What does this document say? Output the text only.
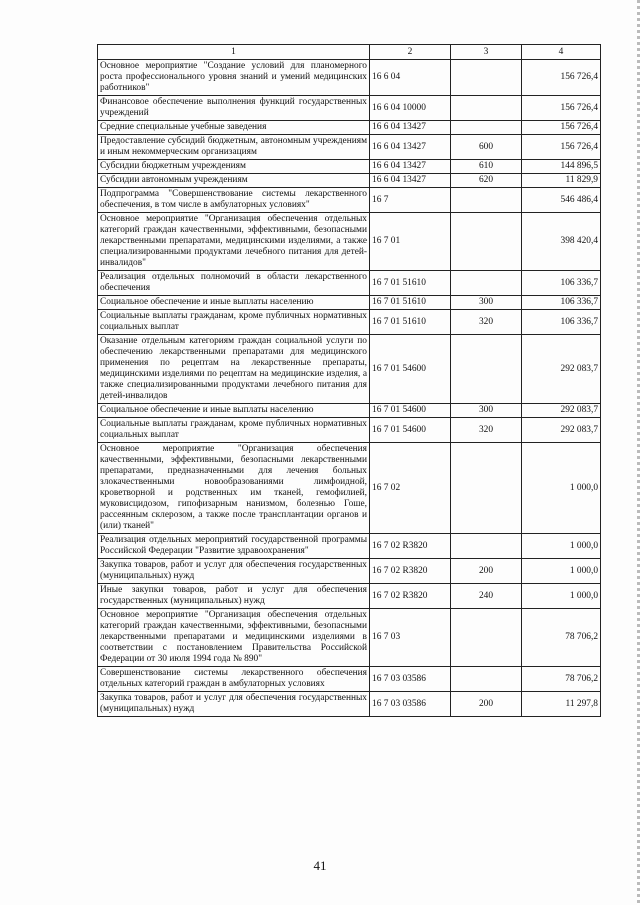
1	2	3	4
Основное мероприятие "Создание условий для планомерного роста профессионального уровня знаний и умений медицинских работников"	16 6 04		156 726,4
Финансовое обеспечение выполнения функций государственных учреждений	16 6 04 10000		156 726,4
Средние специальные учебные заведения	16 6 04 13427		156 726,4
Предоставление субсидий бюджетным, автономным учреждениям и иным некоммерческим организациям	16 6 04 13427	600	156 726,4
Субсидии бюджетным учреждениям	16 6 04 13427	610	144 896,5
Субсидии автономным учреждениям	16 6 04 13427	620	11 829,9
Подпрограмма "Совершенствование системы лекарственного обеспечения, в том числе в амбулаторных условиях"	16 7		546 486,4
Основное мероприятие "Организация обеспечения отдельных категорий граждан качественными, эффективными, безопасными лекарственными препаратами, медицинскими изделиями, а также специализированными продуктами лечебного питания для детей-инвалидов"	16 7 01		398 420,4
Реализация отдельных полномочий в области лекарственного обеспечения	16 7 01 51610		106 336,7
Социальное обеспечение и иные выплаты населению	16 7 01 51610	300	106 336,7
Социальные выплаты гражданам, кроме публичных нормативных социальных выплат	16 7 01 51610	320	106 336,7
Оказание отдельным категориям граждан социальной услуги по обеспечению лекарственными препаратами для медицинского применения по рецептам на лекарственные препараты, медицинскими изделиями по рецептам на медицинские изделия, а также специализированными продуктами лечебного питания для детей-инвалидов	16 7 01 54600		292 083,7
Социальное обеспечение и иные выплаты населению	16 7 01 54600	300	292 083,7
Социальные выплаты гражданам, кроме публичных нормативных социальных выплат	16 7 01 54600	320	292 083,7
Основное мероприятие "Организация обеспечения качественными, эффективными, безопасными лекарственными препаратами, предназначенными для лечения больных злокачественными новообразованиями лимфоидной, кроветворной и родственных им тканей, гемофилией, муковисцидозом, гипофизарным нанизмом, болезнью Гоше, рассеянным склерозом, а также после трансплантации органов и (или) тканей"	16 7 02		1 000,0
Реализация отдельных мероприятий государственной программы Российской Федерации "Развитие здравоохранения"	16 7 02 R3820		1 000,0
Закупка товаров, работ и услуг для обеспечения государственных (муниципальных) нужд	16 7 02 R3820	200	1 000,0
Иные закупки товаров, работ и услуг для обеспечения государственных (муниципальных) нужд	16 7 02 R3820	240	1 000,0
Основное мероприятие "Организация обеспечения отдельных категорий граждан качественными, эффективными, безопасными лекарственными препаратами и медицинскими изделиями в соответствии с постановлением Правительства Российской Федерации от 30 июля 1994 года № 890"	16 7 03		78 706,2
Совершенствование системы лекарственного обеспечения отдельных категорий граждан в амбулаторных условиях	16 7 03 03586		78 706,2
Закупка товаров, работ и услуг для обеспечения государственных (муниципальных) нужд	16 7 03 03586	200	11 297,8
41
